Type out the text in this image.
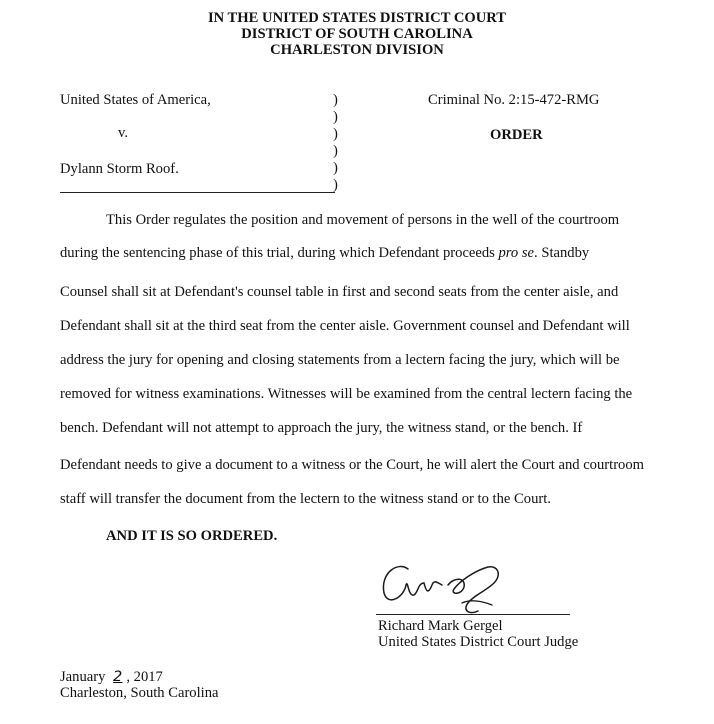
IN THE UNITED STATES DISTRICT COURT
DISTRICT OF SOUTH CAROLINA
CHARLESTON DIVISION
United States of America,
v.
Dylann Storm Roof.
)
)
)
)
)
)
Criminal No. 2:15-472-RMG
ORDER
This Order regulates the position and movement of persons in the well of the courtroom
during the sentencing phase of this trial, during which Defendant proceeds pro se. Standby
Counsel shall sit at Defendant's counsel table in first and second seats from the center aisle, and
Defendant shall sit at the third seat from the center aisle. Government counsel and Defendant will
address the jury for opening and closing statements from a lectern facing the jury, which will be
removed for witness examinations. Witnesses will be examined from the central lectern facing the
bench. Defendant will not attempt to approach the jury, the witness stand, or the bench. If
Defendant needs to give a document to a witness or the Court, he will alert the Court and courtroom
staff will transfer the document from the lectern to the witness stand or to the Court.
AND IT IS SO ORDERED.
Richard Mark Gergel
United States District Court Judge
January 2 , 2017
Charleston, South Carolina
